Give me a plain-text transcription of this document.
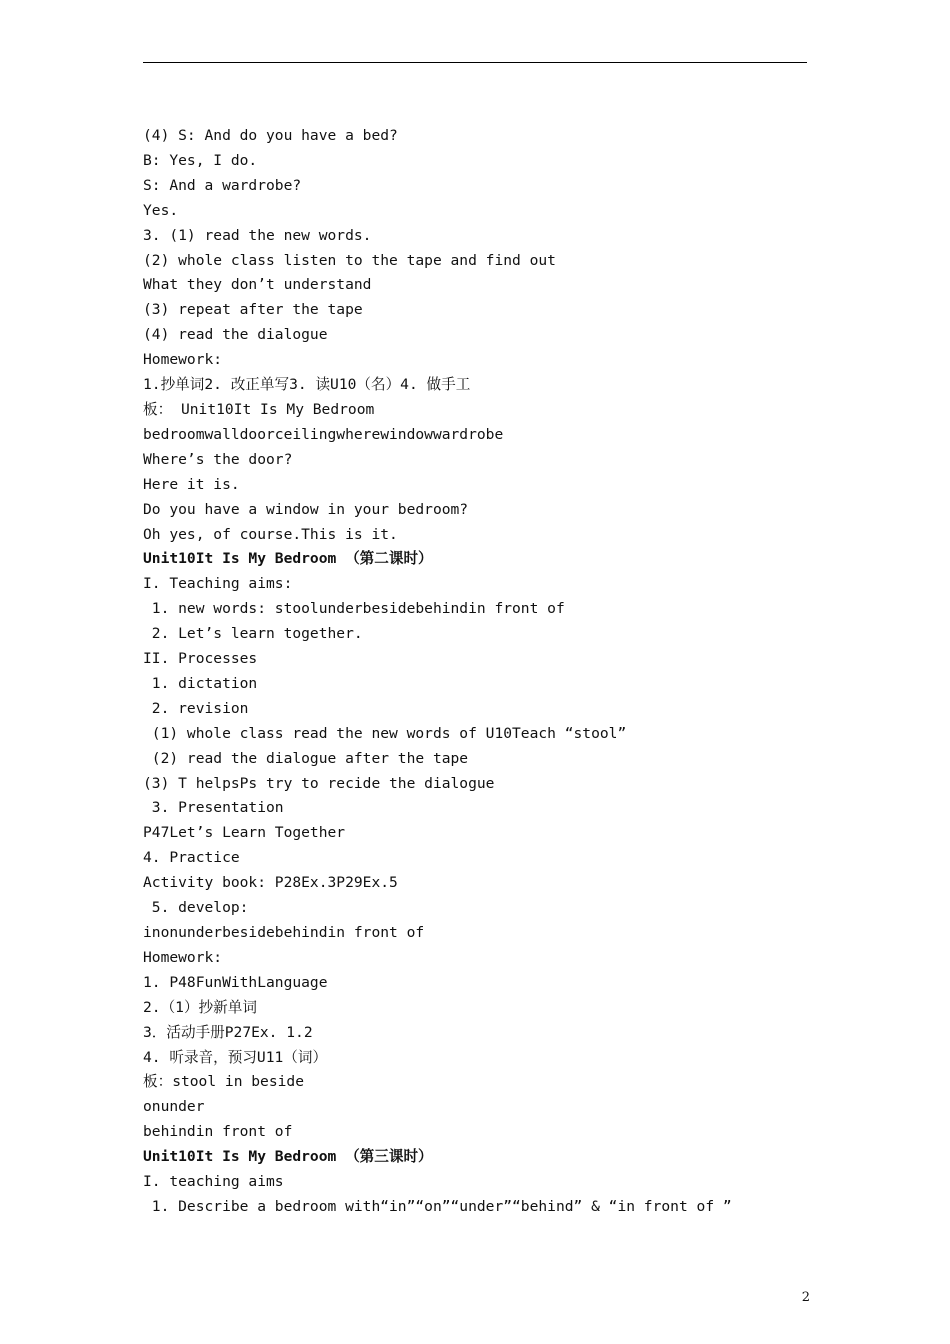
(4) S: And do you have a bed?
B: Yes, I do.
S: And a wardrobe?
Yes.
3. (1) read the new words.
(2) whole class listen to the tape and find out
What they don’t understand
(3) repeat after the tape
(4) read the dialogue
Homework:
1.抄单词2. 改正单写3. 读U10（名）4. 做手工
板： Unit10It Is My Bedroom
bedroomwalldoorceilingwherewindowwardrobe
Where’s the door?
Here it is.
Do you have a window in your bedroom?
Oh yes, of course.This is it.
Unit10It Is My Bedroom （第二课时）
I. Teaching aims:
1. new words: stoolunderbesidebehindin front of
2. Let’s learn together.
II. Processes
1. dictation
2. revision
(1) whole class read the new words of U10Teach “stool”
(2) read the dialogue after the tape
(3) T helpsPs try to recide the dialogue
3. Presentation
P47Let’s Learn Together
4. Practice
Activity book: P28Ex.3P29Ex.5
5. develop:
inonunderbesidebehindin front of
Homework:
1. P48FunWithLanguage
2.（1）抄新单词
3．活动手册P27Ex. 1.2
4. 听录音，预习U11（词）
板：stool in beside
onunder
behindin front of
Unit10It Is My Bedroom （第三课时）
I. teaching aims
1. Describe a bedroom with“in”“on”“under”“behind” & “in front of ”
2
